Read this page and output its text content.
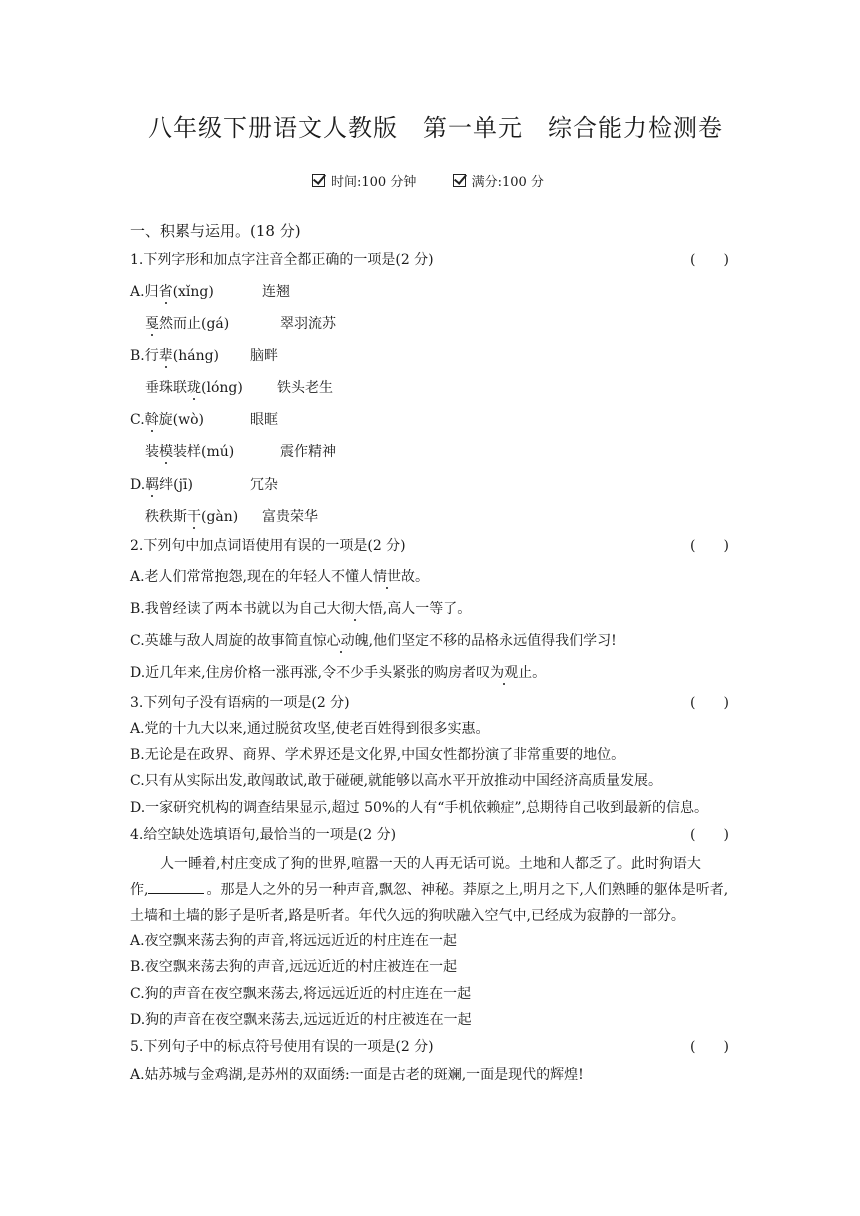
八年级下册语文人教版　第一单元　综合能力检测卷
时间:100 分钟	满分:100 分
一、积累与运用。(18 分)
1.下列字形和加点字注音全都正确的一项是(2 分)	(　　)
A.归省(xǐng)	连翘
戛然而止(gá)	翠羽流苏
B.行辈(háng) 脑畔
垂珠联珑(lóng) 铁头老生
C.斡旋(wò)	眼眶
装模装样(mú)	震作精神
D.羁绊(jī)	冗杂
秩秩斯干(gàn) 富贵荣华
2.下列句中加点词语使用有误的一项是(2 分)	(　　)
A.老人们常常抱怨,现在的年轻人不懂人情世故。
B.我曾经读了两本书就以为自己大彻大悟,高人一等了。
C.英雄与敌人周旋的故事简直惊心动魄,他们坚定不移的品格永远值得我们学习!
D.近几年来,住房价格一涨再涨,令不少手头紧张的购房者叹为观止。
3.下列句子没有语病的一项是(2 分)	(　　)
A.党的十九大以来,通过脱贫攻坚,使老百姓得到很多实惠。
B.无论是在政界、商界、学术界还是文化界,中国女性都扮演了非常重要的地位。
C.只有从实际出发,敢闯敢试,敢于碰硬,就能够以高水平开放推动中国经济高质量发展。
D.一家研究机构的调查结果显示,超过 50%的人有“手机依赖症”,总期待自己收到最新的信息。
4.给空缺处选填语句,最恰当的一项是(2 分)	(　　)
人一睡着,村庄变成了狗的世界,喧嚣一天的人再无话可说。土地和人都乏了。此时狗语大
作,	。那是人之外的另一种声音,飘忽、神秘。莽原之上,明月之下,人们熟睡的躯体是听者,
土墙和土墙的影子是听者,路是听者。年代久远的狗吠融入空气中,已经成为寂静的一部分。
A.夜空飘来荡去狗的声音,将远远近近的村庄连在一起
B.夜空飘来荡去狗的声音,远远近近的村庄被连在一起
C.狗的声音在夜空飘来荡去,将远远近近的村庄连在一起
D.狗的声音在夜空飘来荡去,远远近近的村庄被连在一起
5.下列句子中的标点符号使用有误的一项是(2 分)	(　　)
A.姑苏城与金鸡湖,是苏州的双面绣:一面是古老的斑斓,一面是现代的辉煌!
